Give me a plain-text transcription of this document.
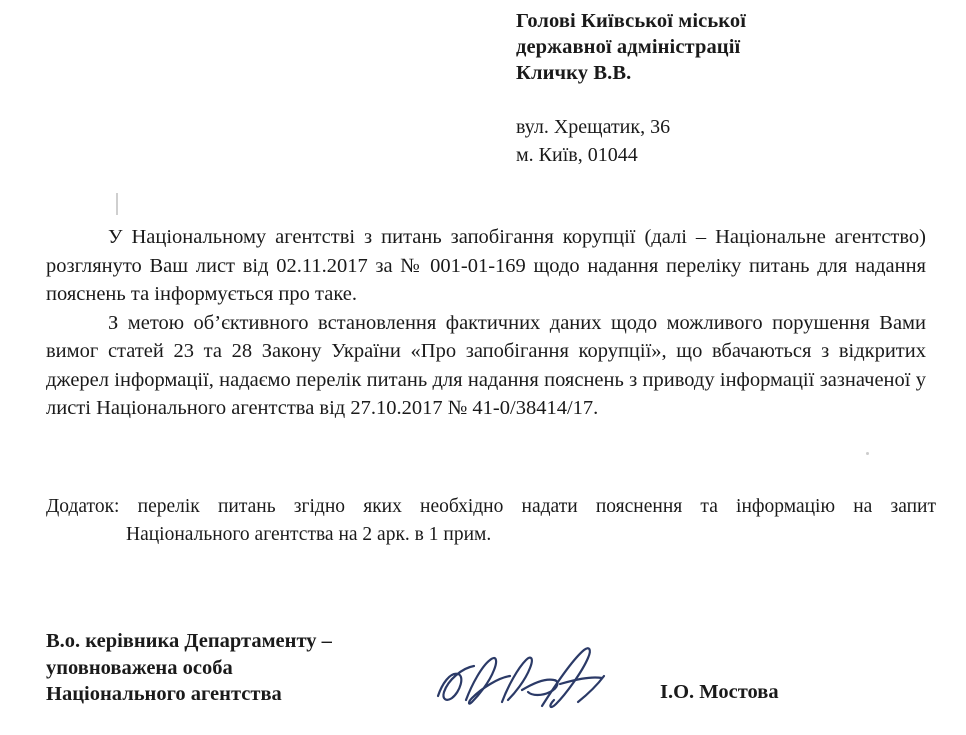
Голові Київської міської
державної адміністрації
Кличку В.В.
вул. Хрещатик, 36
м. Київ, 01044

У Національному агентстві з питань запобігання корупції (далі – Національне агентство) розглянуто Ваш лист від 02.11.2017 за № 001-01-169 щодо надання переліку питань для надання пояснень та інформується про таке.

З метою об’єктивного встановлення фактичних даних щодо можливого порушення Вами вимог статей 23 та 28 Закону України «Про запобігання корупції», що вбачаються з відкритих джерел інформації, надаємо перелік питань для надання пояснень з приводу інформації зазначеної у листі Національного агентства від 27.10.2017 № 41-0/38414/17.

Додаток: перелік питань згідно яких необхідно надати пояснення та інформацію на запит
Національного агентства на 2 арк. в 1 прим.
В.о. керівника Департаменту –
уповноважена особа
Національного агентства	І.О. Мостова
